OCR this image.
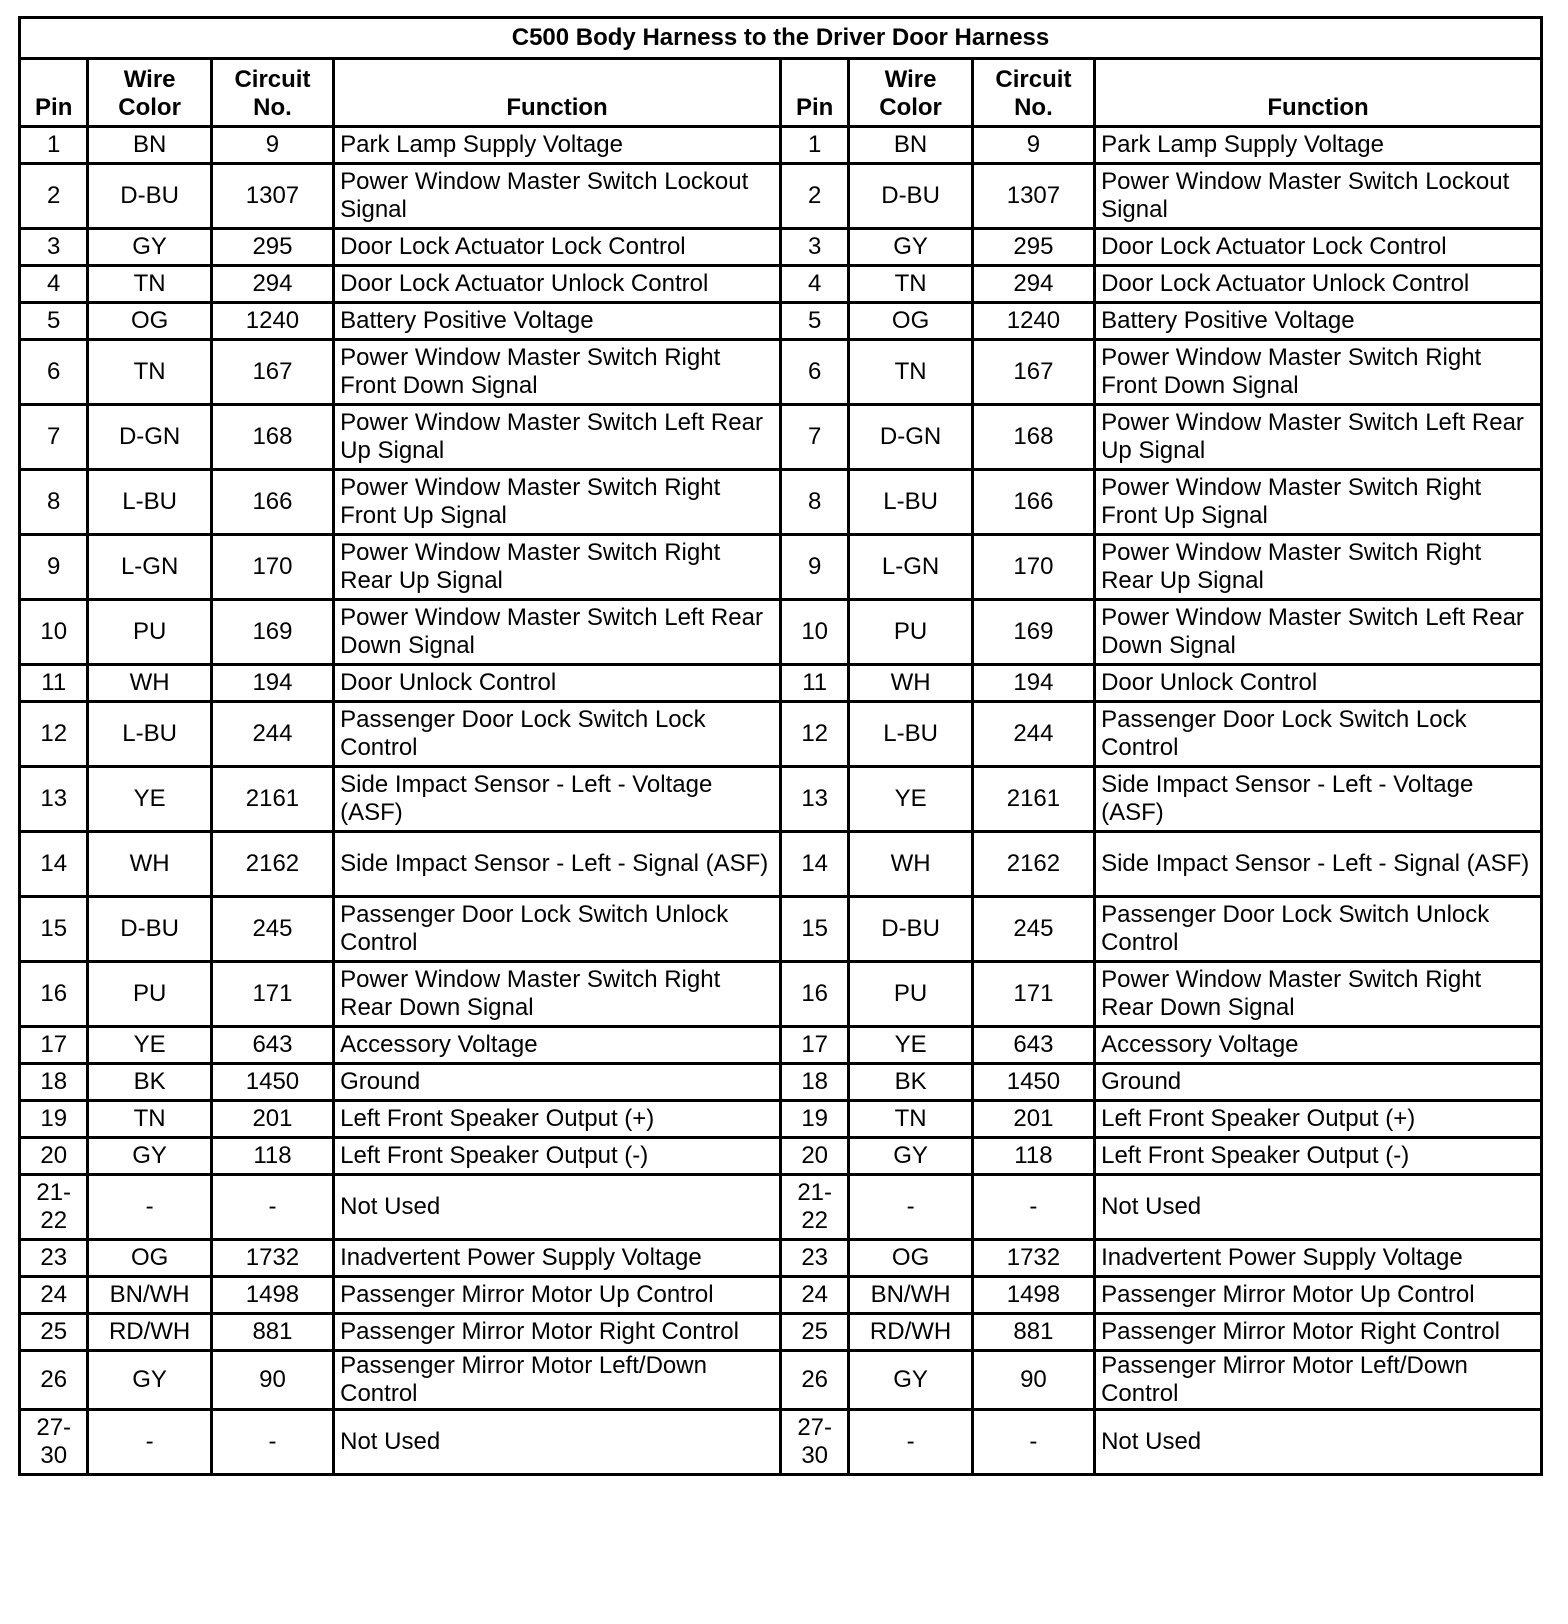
C500 Body Harness to the Driver Door Harness							
Pin	Wire Color	Circuit No.	Function	Pin	Wire Color	Circuit No.	Function
1	BN	9	Park Lamp Supply Voltage	1	BN	9	Park Lamp Supply Voltage
2	D-BU	1307	Power Window Master Switch Lockout Signal	2	D-BU	1307	Power Window Master Switch Lockout Signal
3	GY	295	Door Lock Actuator Lock Control	3	GY	295	Door Lock Actuator Lock Control
4	TN	294	Door Lock Actuator Unlock Control	4	TN	294	Door Lock Actuator Unlock Control
5	OG	1240	Battery Positive Voltage	5	OG	1240	Battery Positive Voltage
6	TN	167	Power Window Master Switch Right Front Down Signal	6	TN	167	Power Window Master Switch Right Front Down Signal
7	D-GN	168	Power Window Master Switch Left Rear Up Signal	7	D-GN	168	Power Window Master Switch Left Rear Up Signal
8	L-BU	166	Power Window Master Switch Right Front Up Signal	8	L-BU	166	Power Window Master Switch Right Front Up Signal
9	L-GN	170	Power Window Master Switch Right Rear Up Signal	9	L-GN	170	Power Window Master Switch Right Rear Up Signal
10	PU	169	Power Window Master Switch Left Rear Down Signal	10	PU	169	Power Window Master Switch Left Rear Down Signal
11	WH	194	Door Unlock Control	11	WH	194	Door Unlock Control
12	L-BU	244	Passenger Door Lock Switch Lock Control	12	L-BU	244	Passenger Door Lock Switch Lock Control
13	YE	2161	Side Impact Sensor - Left - Voltage (ASF)	13	YE	2161	Side Impact Sensor - Left - Voltage (ASF)
14	WH	2162	Side Impact Sensor - Left - Signal (ASF)	14	WH	2162	Side Impact Sensor - Left - Signal (ASF)
15	D-BU	245	Passenger Door Lock Switch Unlock Control	15	D-BU	245	Passenger Door Lock Switch Unlock Control
16	PU	171	Power Window Master Switch Right Rear Down Signal	16	PU	171	Power Window Master Switch Right Rear Down Signal
17	YE	643	Accessory Voltage	17	YE	643	Accessory Voltage
18	BK	1450	Ground	18	BK	1450	Ground
19	TN	201	Left Front Speaker Output (+)	19	TN	201	Left Front Speaker Output (+)
20	GY	118	Left Front Speaker Output (-)	20	GY	118	Left Front Speaker Output (-)
21-22	-	-	Not Used	21-22	-	-	Not Used
23	OG	1732	Inadvertent Power Supply Voltage	23	OG	1732	Inadvertent Power Supply Voltage
24	BN/WH	1498	Passenger Mirror Motor Up Control	24	BN/WH	1498	Passenger Mirror Motor Up Control
25	RD/WH	881	Passenger Mirror Motor Right Control	25	RD/WH	881	Passenger Mirror Motor Right Control
26	GY	90	Passenger Mirror Motor Left/Down Control	26	GY	90	Passenger Mirror Motor Left/Down Control
27-30	-	-	Not Used	27-30	-	-	Not Used
